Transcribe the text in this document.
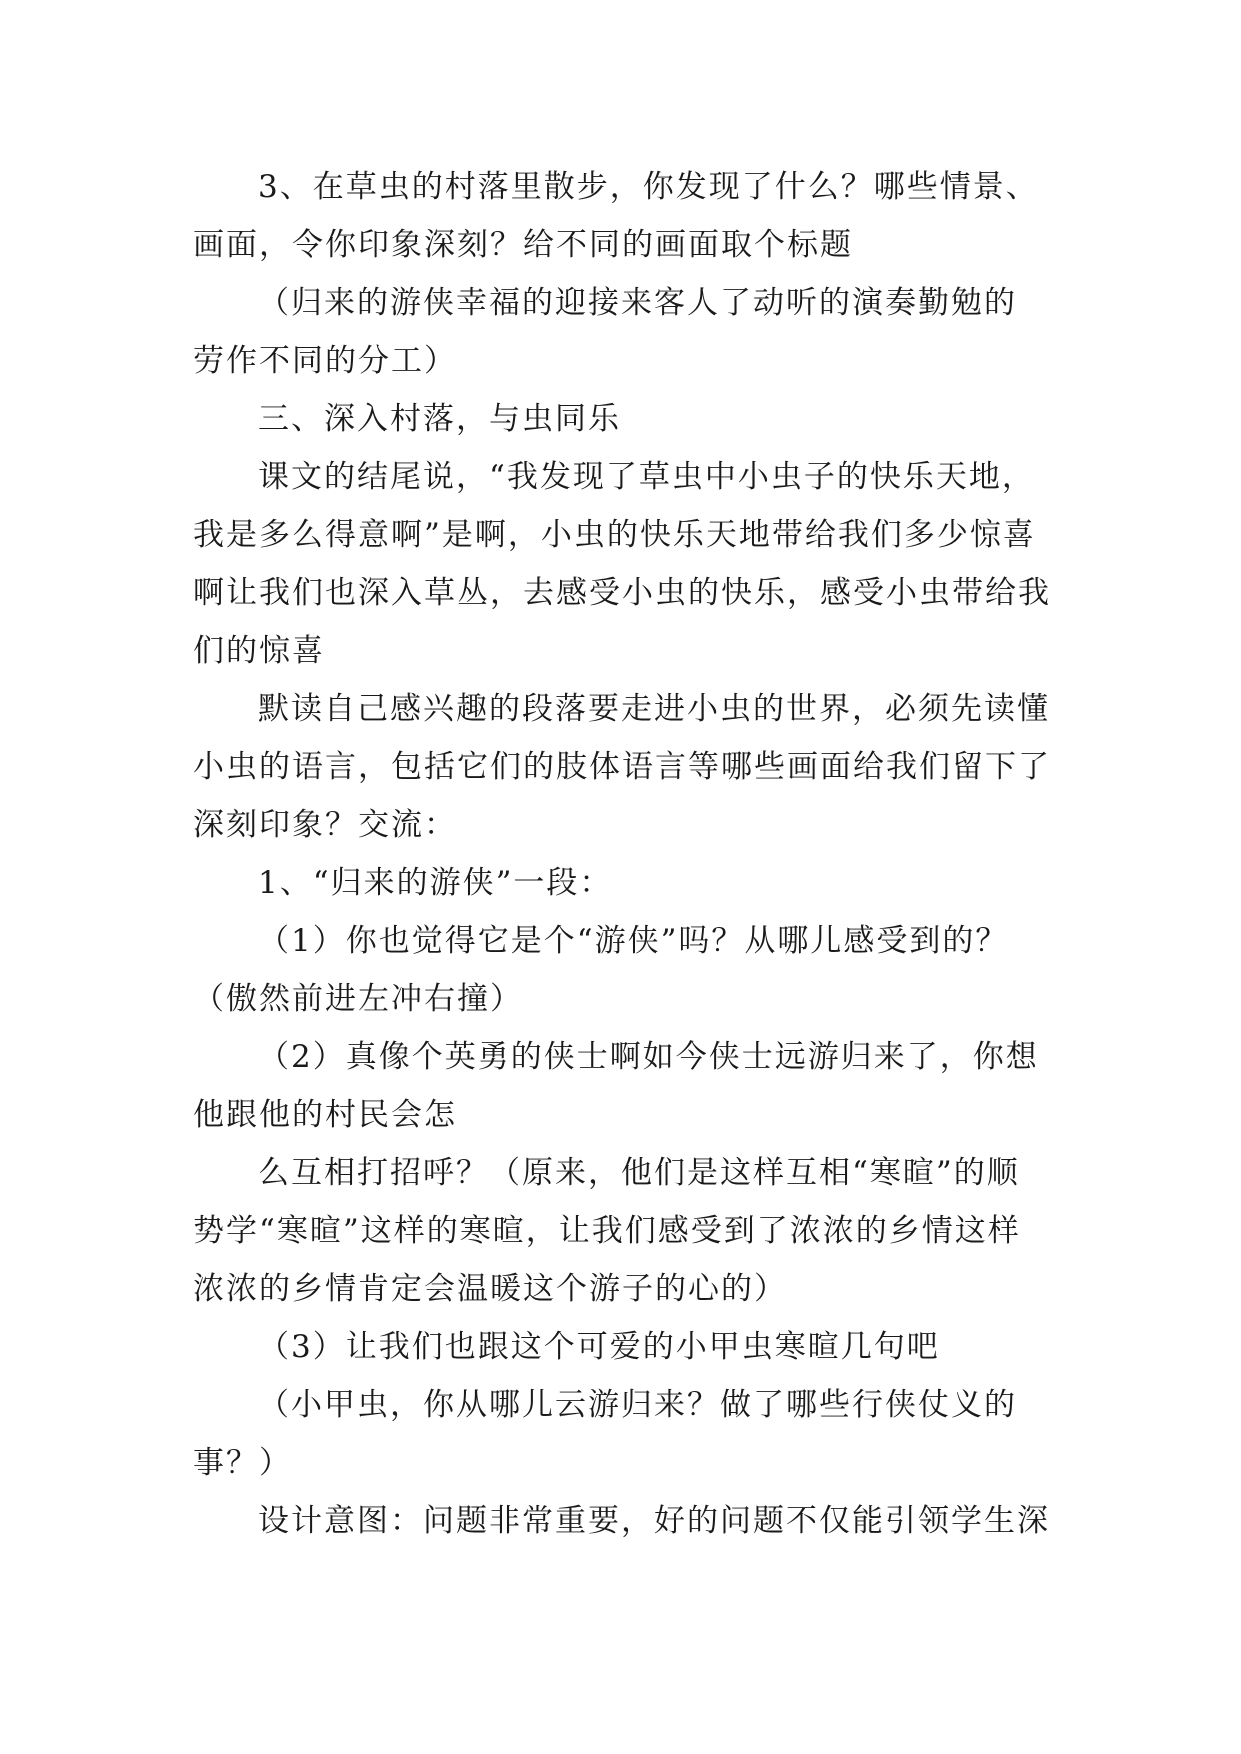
3、在草虫的村落里散步，你发现了什么？哪些情景、

画面，令你印象深刻？给不同的画面取个标题

（归来的游侠幸福的迎接来客人了动听的演奏勤勉的

劳作不同的分工）

三、深入村落，与虫同乐

课文的结尾说，“我发现了草虫中小虫子的快乐天地，

我是多么得意啊”是啊，小虫的快乐天地带给我们多少惊喜

啊让我们也深入草丛，去感受小虫的快乐，感受小虫带给我

们的惊喜

默读自己感兴趣的段落要走进小虫的世界，必须先读懂

小虫的语言，包括它们的肢体语言等哪些画面给我们留下了

深刻印象？交流：

1、“归来的游侠”一段：

（1）你也觉得它是个“游侠”吗？从哪儿感受到的？

（傲然前进左冲右撞）

（2）真像个英勇的侠士啊如今侠士远游归来了，你想

他跟他的村民会怎

么互相打招呼？（原来，他们是这样互相“寒暄”的顺

势学“寒暄”这样的寒暄，让我们感受到了浓浓的乡情这样

浓浓的乡情肯定会温暖这个游子的心的）

（3）让我们也跟这个可爱的小甲虫寒暄几句吧

（小甲虫，你从哪儿云游归来？做了哪些行侠仗义的

事？）

设计意图：问题非常重要，好的问题不仅能引领学生深
